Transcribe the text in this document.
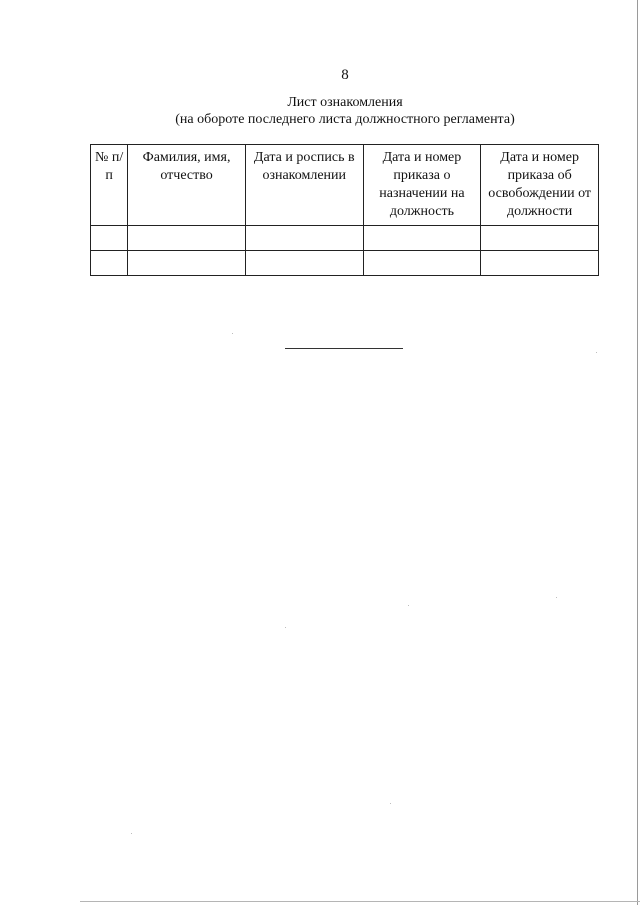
8
Лист ознакомления
(на обороте последнего листа должностного регламента)
№ п/п	Фамилия, имя, отчество	Дата и роспись в ознакомлении	Дата и номер приказа о назначении на должность	Дата и номер приказа об освобождении от должности
